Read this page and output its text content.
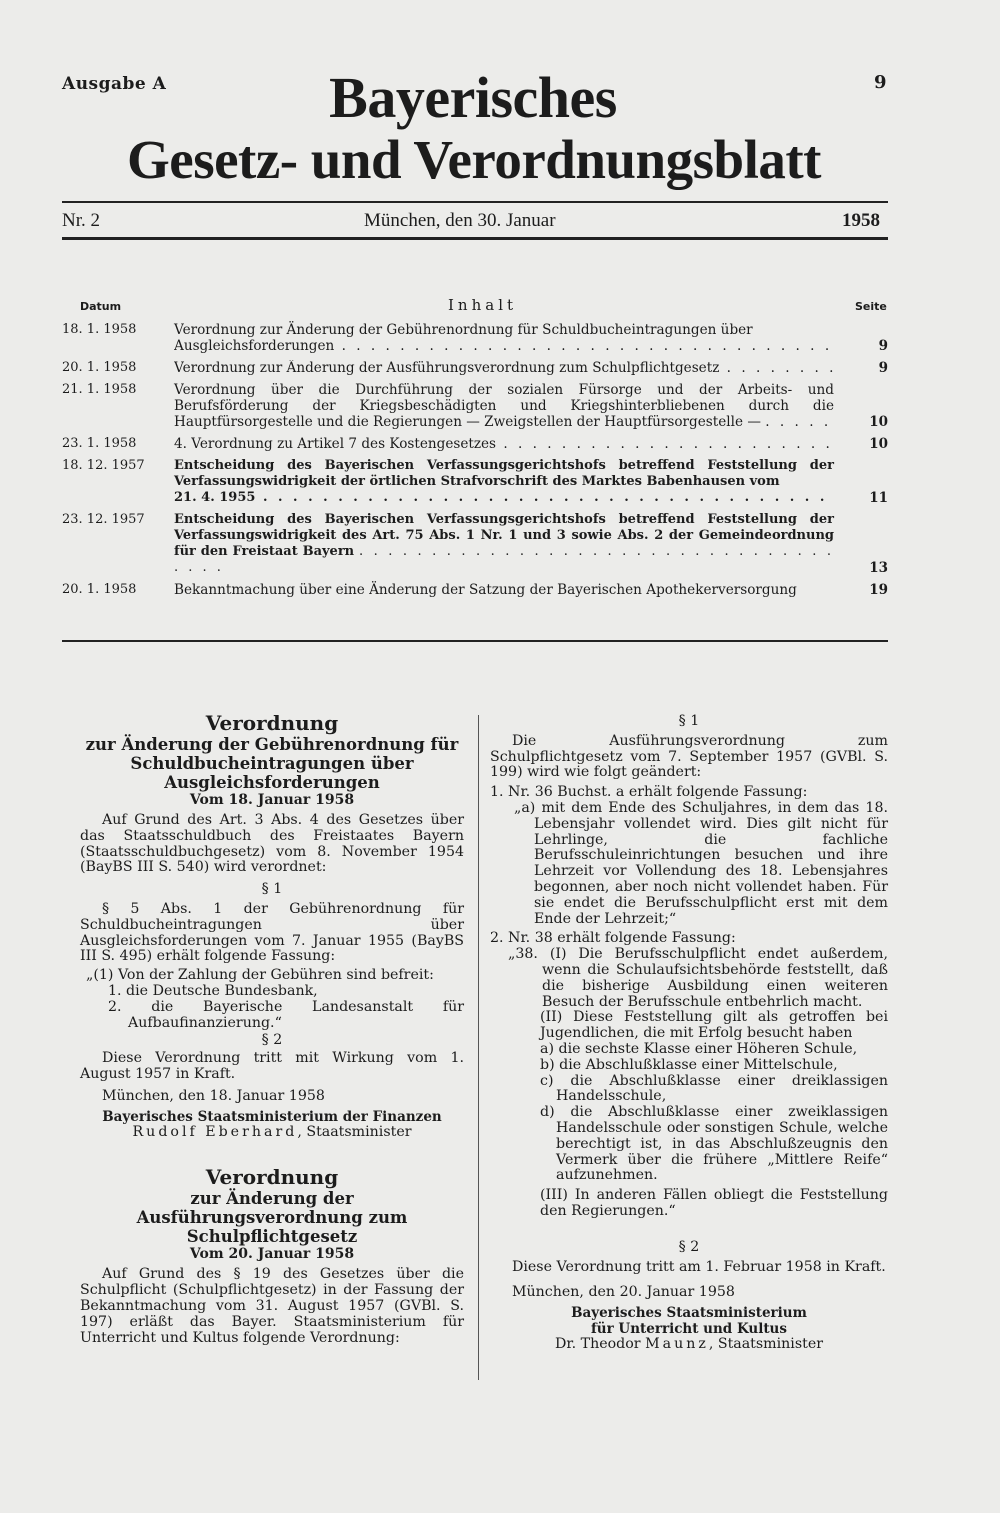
Ausgabe A	9
Bayerisches
Gesetz- und Verordnungsblatt
Nr. 2	München, den 30. Januar	1958
Datum	Inhalt	Seite
18. 1. 1958	Verordnung zur Änderung der Gebührenordnung für Schuldbucheintragungen über
Ausgleichsforderungen . . .	9
20. 1. 1958	Verordnung zur Änderung der Ausführungsverordnung zum Schulpflichtgesetz . . .	9
21. 1. 1958	Verordnung über die Durchführung der sozialen Fürsorge und der Arbeits- und Berufsförderung der Kriegsbeschädigten und Kriegshinterbliebenen durch die Hauptfürsorgestelle und die Regierungen — Zweigstellen der Hauptfürsorgestelle — . . . . .	10
23. 1. 1958	4. Verordnung zu Artikel 7 des Kostengesetzes . . .	10
18. 12. 1957	Entscheidung des Bayerischen Verfassungsgerichtshofs betreffend Feststellung der Verfassungswidrigkeit der örtlichen Strafvorschrift des Marktes Babenhausen vom
21. 4. 1955 . . .	11
23. 12. 1957	Entscheidung des Bayerischen Verfassungsgerichtshofs betreffend Feststellung der Verfassungswidrigkeit des Art. 75 Abs. 1 Nr. 1 und 3 sowie Abs. 2 der Gemeindeordnung für den Freistaat Bayern . . . . . . . . . . . . . . . . . . . . . . . . . . . . . . . . . . . . .	13
20. 1. 1958	Bekanntmachung über eine Änderung der Satzung der Bayerischen Apothekerversorgung	19
Verordnung
zur Änderung der Gebührenordnung für Schuldbucheintragungen über Ausgleichsforderungen
Vom 18. Januar 1958

Auf Grund des Art. 3 Abs. 4 des Gesetzes über das Staatsschuldbuch des Freistaates Bayern (Staatsschuldbuchgesetz) vom 8. November 1954 (BayBS III S. 540) wird verordnet:

§ 1

§ 5 Abs. 1 der Gebührenordnung für Schuldbucheintragungen über Ausgleichsforderungen vom 7. Januar 1955 (BayBS III S. 495) erhält folgende Fassung:

„(1) Von der Zahlung der Gebühren sind befreit:

1. die Deutsche Bundesbank,

2. die Bayerische Landesanstalt für Aufbaufinanzierung.“

§ 2

Diese Verordnung tritt mit Wirkung vom 1. August 1957 in Kraft.

München, den 18. Januar 1958

Bayerisches Staatsministerium der Finanzen
Rudolf Eberhard, Staatsminister
Verordnung
zur Änderung der Ausführungsverordnung zum Schulpflichtgesetz
Vom 20. Januar 1958

Auf Grund des § 19 des Gesetzes über die Schulpflicht (Schulpflichtgesetz) in der Fassung der Bekanntmachung vom 31. August 1957 (GVBl. S. 197) erläßt das Bayer. Staatsministerium für Unterricht und Kultus folgende Verordnung:

§ 1

Die Ausführungsverordnung zum Schulpflichtgesetz vom 7. September 1957 (GVBl. S. 199) wird wie folgt geändert:

1. Nr. 36 Buchst. a erhält folgende Fassung:

„a) mit dem Ende des Schuljahres, in dem das 18. Lebensjahr vollendet wird. Dies gilt nicht für Lehrlinge, die fachliche Berufsschuleinrichtungen besuchen und ihre Lehrzeit vor Vollendung des 18. Lebensjahres begonnen, aber noch nicht vollendet haben. Für sie endet die Berufsschulpflicht erst mit dem Ende der Lehrzeit;“

2. Nr. 38 erhält folgende Fassung:

„38. (I) Die Berufsschulpflicht endet außerdem, wenn die Schulaufsichtsbehörde feststellt, daß die bisherige Ausbildung einen weiteren Besuch der Berufsschule entbehrlich macht.

(II) Diese Feststellung gilt als getroffen bei Jugendlichen, die mit Erfolg besucht haben

a) die sechste Klasse einer Höheren Schule,

b) die Abschlußklasse einer Mittelschule,

c) die Abschlußklasse einer dreiklassigen Handelsschule,

d) die Abschlußklasse einer zweiklassigen Handelsschule oder sonstigen Schule, welche berechtigt ist, in das Abschlußzeugnis den Vermerk über die frühere „Mittlere Reife“ aufzunehmen.

(III) In anderen Fällen obliegt die Feststellung den Regierungen.“

§ 2

Diese Verordnung tritt am 1. Februar 1958 in Kraft.

München, den 20. Januar 1958

Bayerisches Staatsministerium
für Unterricht und Kultus
Dr. Theodor Maunz, Staatsminister
